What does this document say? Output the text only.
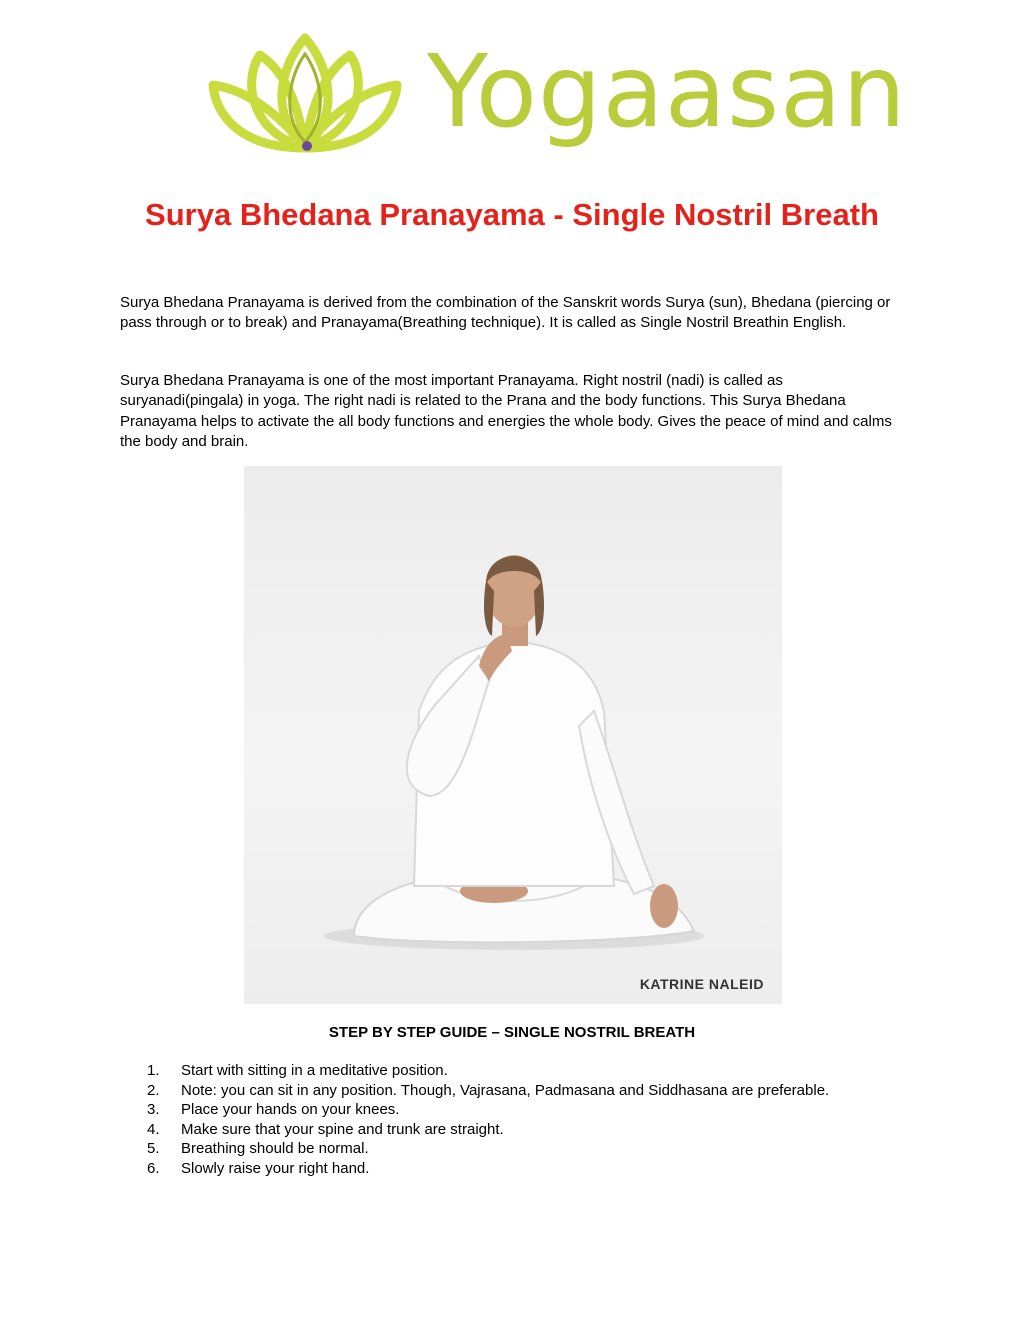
Yogaasan
Surya Bhedana Pranayama - Single Nostril Breath
Surya Bhedana Pranayama is derived from the combination of the Sanskrit words Surya (sun), Bhedana (piercing or pass through or to break) and Pranayama(Breathing technique). It is called as Single Nostril Breathin English.
Surya Bhedana Pranayama is one of the most important Pranayama. Right nostril (nadi) is called as suryanadi(pingala) in yoga. The right nadi is related to the Prana and the body functions. This Surya Bhedana Pranayama helps to activate the all body functions and energies the whole body. Gives the peace of mind and calms the body and brain.
KATRINE NALEID
STEP BY STEP GUIDE – SINGLE NOSTRIL BREATH
1.	Start with sitting in a meditative position.
2.	Note: you can sit in any position. Though, Vajrasana, Padmasana and Siddhasana are preferable.
3.	Place your hands on your knees.
4.	Make sure that your spine and trunk are straight.
5.	Breathing should be normal.
6.	Slowly raise your right hand.
